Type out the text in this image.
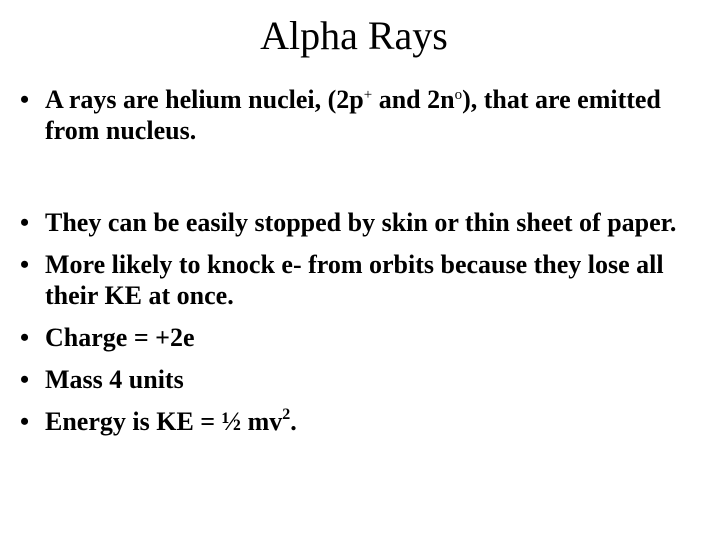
Alpha Rays
• A rays are helium nuclei, (2p+ and $2n^o$), that are emitted from nucleus.
• They can be easily stopped by skin or thin sheet of paper.
• More likely to knock e- from orbits because they lose all their KE at once.
• Charge = +2e
• Mass 4 units
• Energy is KE = ½ $mv^2$.
